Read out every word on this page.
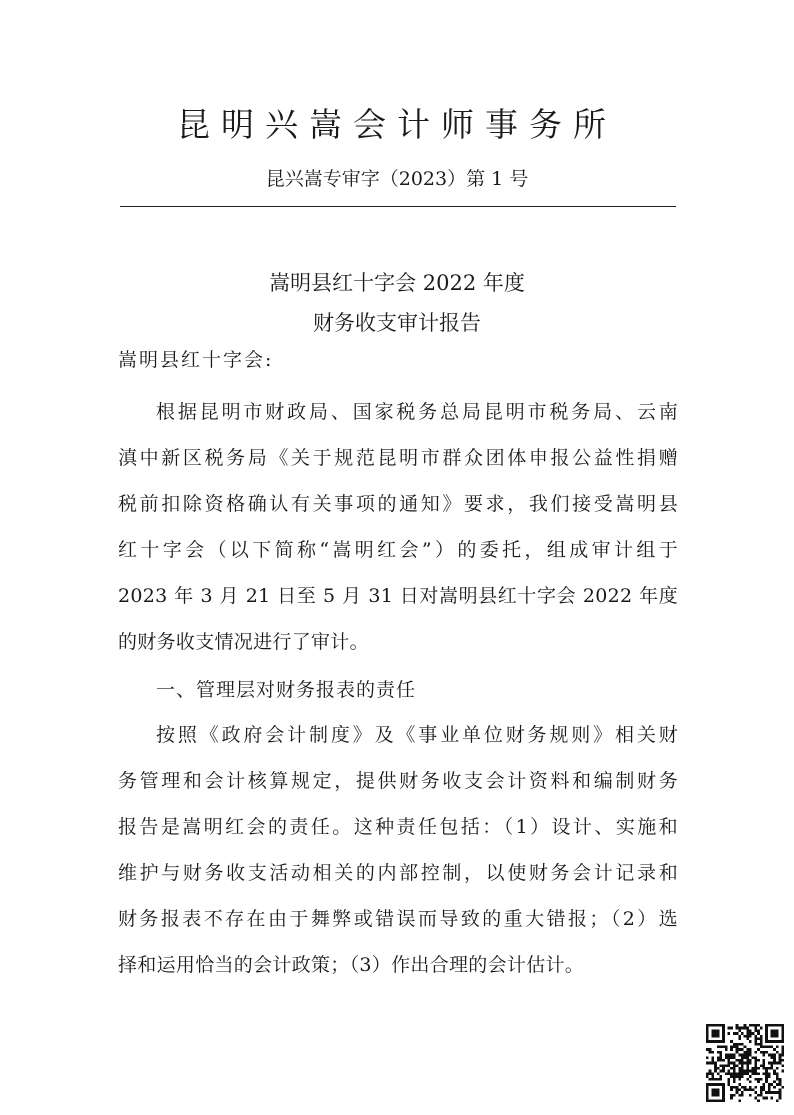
昆明兴嵩会计师事务所
昆兴嵩专审字（2023）第 1 号
嵩明县红十字会 2022 年度
财务收支审计报告
嵩明县红十字会:
根据昆明市财政局、国家税务总局昆明市税务局、云南
滇中新区税务局《关于规范昆明市群众团体申报公益性捐赠
税前扣除资格确认有关事项的通知》要求，我们接受嵩明县
红十字会（以下简称“嵩明红会”）的委托，组成审计组于
2023 年 3 月 21 日至 5 月 31 日对嵩明县红十字会 2022 年度
的财务收支情况进行了审计。
一、管理层对财务报表的责任
按照《政府会计制度》及《事业单位财务规则》相关财
务管理和会计核算规定，提供财务收支会计资料和编制财务
报告是嵩明红会的责任。这种责任包括：（1）设计、实施和
维护与财务收支活动相关的内部控制，以使财务会计记录和
财务报表不存在由于舞弊或错误而导致的重大错报；（2）选
择和运用恰当的会计政策；（3）作出合理的会计估计。
